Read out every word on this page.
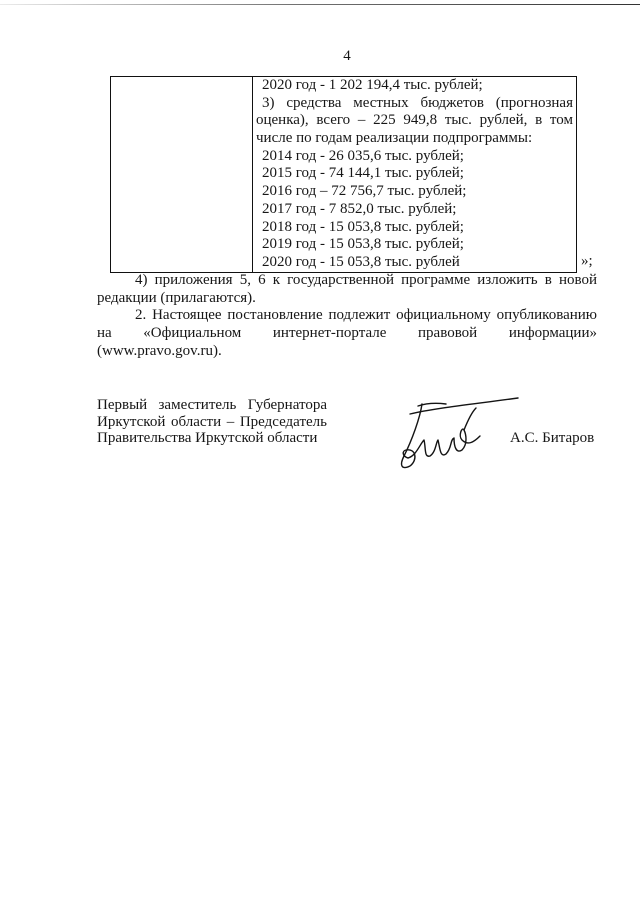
4
2020 год - 1 202 194,4 тыс. рублей;
3) средства местных бюджетов (прогнозная
оценка), всего – 225 949,8 тыс. рублей, в том
числе по годам реализации подпрограммы:
2014 год - 26 035,6 тыс. рублей;
2015 год - 74 144,1 тыс. рублей;
2016 год – 72 756,7 тыс. рублей;
2017 год - 7 852,0 тыс. рублей;
2018 год - 15 053,8 тыс. рублей;
2019 год - 15 053,8 тыс. рублей;
2020 год - 15 053,8 тыс. рублей	»;
4) приложения 5, 6 к государственной программе изложить в новой
редакции (прилагаются).
2. Настоящее постановление подлежит официальному опубликованию
на «Официальном интернет-портале правовой информации»
(www.pravo.gov.ru).
Первый заместитель Губернатора
Иркутской области – Председатель
Правительства Иркутской области	А.С. Битаров
